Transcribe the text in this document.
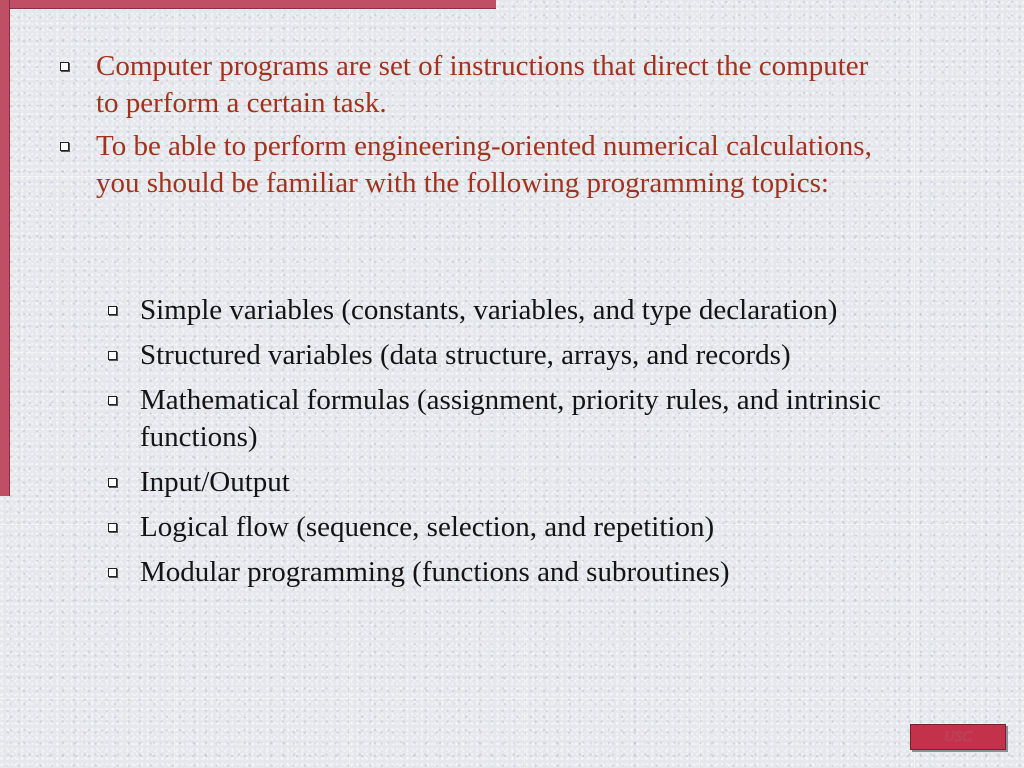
Computer programs are set of instructions that direct the computer to perform a certain task.
To be able to perform engineering-oriented numerical calculations, you should be familiar with the following programming topics:
Simple variables (constants, variables, and type declaration)
Structured variables (data structure, arrays, and records)
Mathematical formulas (assignment, priority rules, and intrinsic functions)
Input/Output
Logical flow (sequence, selection, and repetition)
Modular programming (functions and subroutines)
USC
